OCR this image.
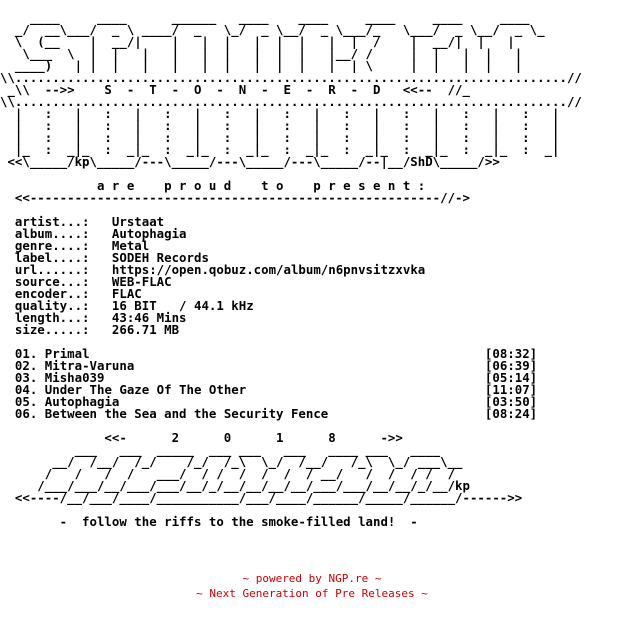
____     ____      ______   ____    ____     ____     ____     ____
_/  __\___/  _ \ ____/  _   \_/  _ \__/  _ \___/_   \___/  _ \__/  _ \_
\  (__    |  __/|    |   |  |   |  |  |   |  |  /    |  __/|  |   |
\___  \  |  |   |   |   |  |   |  |  |   |__/ /     |  |   |  |   |
____)   | |  |   |   |   |  |   |  |  |   |  | \     |  |   |  |   |
\\..........................................................................//
_\\  -->>    S  -  T  -  O  -  N  -  E  -  R  -  D   <<--  //_
\\..........................................................................//
|   :   |   :   |   :   |   :   |   :   |   :   |   :   |   :   |   :   |
|   :   |   :   |   :   |   :   |   :   |   :   |   :   |   :   |   :   |
|   :   |   :   |   :   |   :   |   :   |   :   |   :   |   :   |   :   |
|_  :  _|_  :  _|_  :  _|_  :  _|_  :  _|_  :  _|_  :  _|_  :  _|_  :  _|
<<\_____/kp\_____/---\_____/---\_____/---\_____/--|__/ShD\_____/>>

a r e    p r o u d    t o    p r e s e n t :
<<-------------------------------------------------------//->

artist...: Urstaat
album....: Autophagia
genre....: Metal
label....: SODEH Records
url......: https://open.qobuz.com/album/n6pnvsitzxvka
source...: WEB-FLAC
encoder..: FLAC
quality..: 16 BIT   / 44.1 kHz
length...: 43:46 Mins
size.....: 266.71 MB

01. Primal	[08:32]
02. Mitra-Varuna	[06:39]
03. Misha039	[05:14]
04. Under The Gaze Of The Other	[11:07]
05. Autophagia	[03:50]
06. Between the Sea and the Security Fence	[08:24]

<<-      2      0      1      8      ->>
___   ___  _____  ___ ___   ___   ____ ___   ____
__/  /__/  /_/    /_/  /_\  \_/  /__/   /_\  \_/ ___\__
/   /   /  /   ___/  / /  /  /  /  / __/   /  /  / /  /
/___/___/__/___/___/__/_/__/__/__/__/___/___/__/__/_/__/kp
<<----/__/___/____/___________/___/____/______/_____/______/------>>

-  follow the riffs to the smoke-filled land!  -
~ powered by NGP.re ~
~ Next Generation of Pre Releases ~
